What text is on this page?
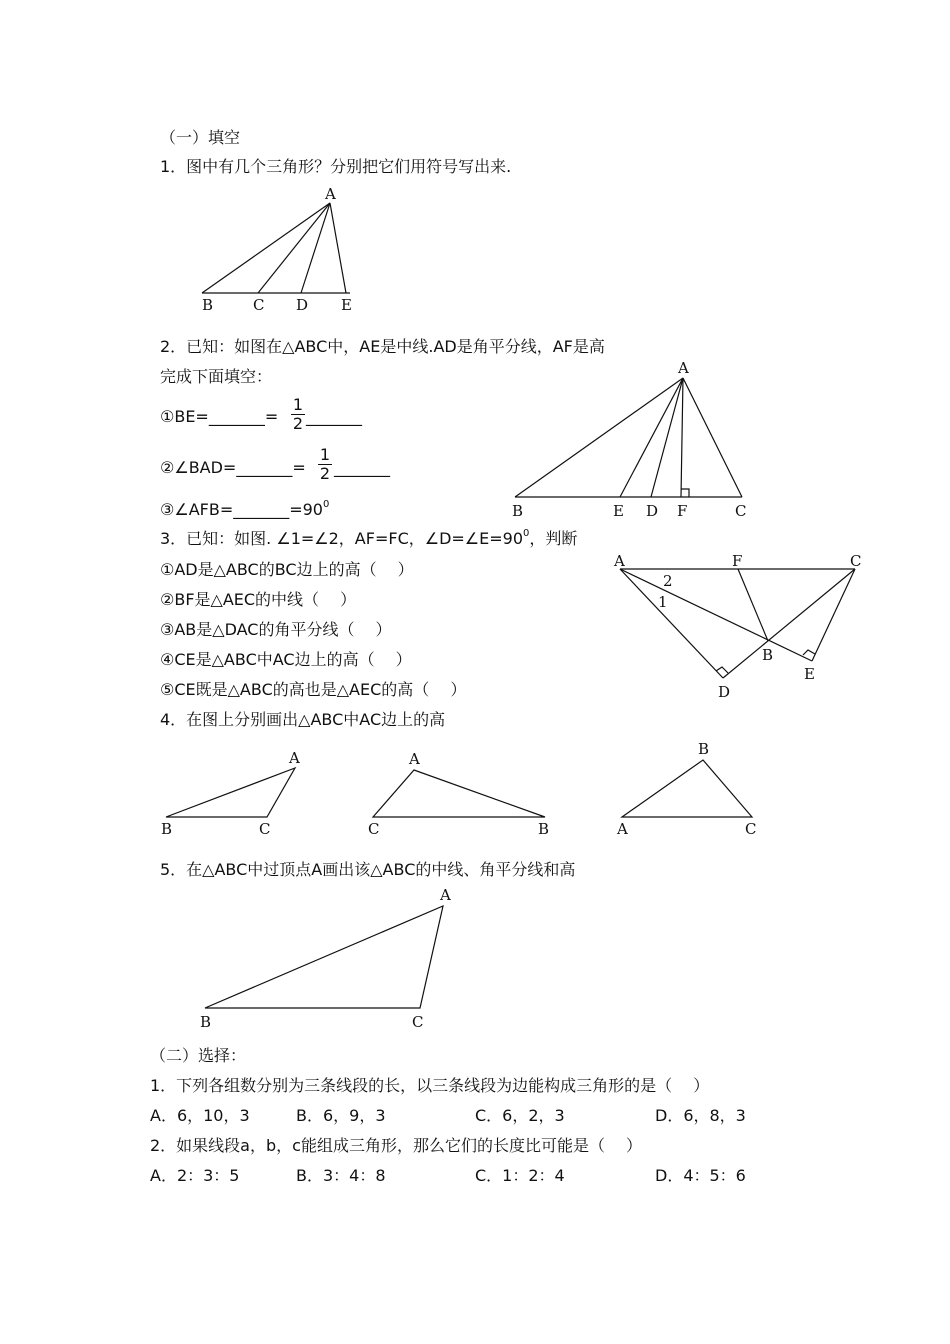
（一）填空
1．图中有几个三角形？分别把它们用符号写出来.
A
B	C D E
2．已知：如图在△ABC中，AE是中线.AD是角平分线，AF是高
完成下面填空：
①BE=_______=
1
2 _______
②∠BAD=_______=
1
2 _______
$③\angle AFB=\_\_\_\_\_\_\_=90^0$
A
B	E D F	C
3．已知：如图. ∠1=∠2，AF=FC，$\angle D=\angle E=90^0$，判断
①AD是△ABC的BC边上的高（　 ）
②BF是△AEC的中线（　 ）
③AB是△DAC的角平分线（　 ）
④CE是△ABC中AC边上的高（　 ）
⑤CE既是△ABC的高也是△AEC的高（　 ）
A	F	C
2
1
B
E
D
4．在图上分别画出△ABC中AC边上的高
A
B	C
A
C	B
B
A	C
5．在△ABC中过顶点A画出该△ABC的中线、角平分线和高
A
B	C
（二）选择：
1．下列各组数分别为三条线段的长，以三条线段为边能构成三角形的是（　 ）
A．6，10，3	B．6，9，3	C．6，2，3	D．6，8，3
2．如果线段a，b，c能组成三角形，那么它们的长度比可能是（　 ）
A．2：3：5	B．3：4：8	C．1：2：4	D．4：5：6
